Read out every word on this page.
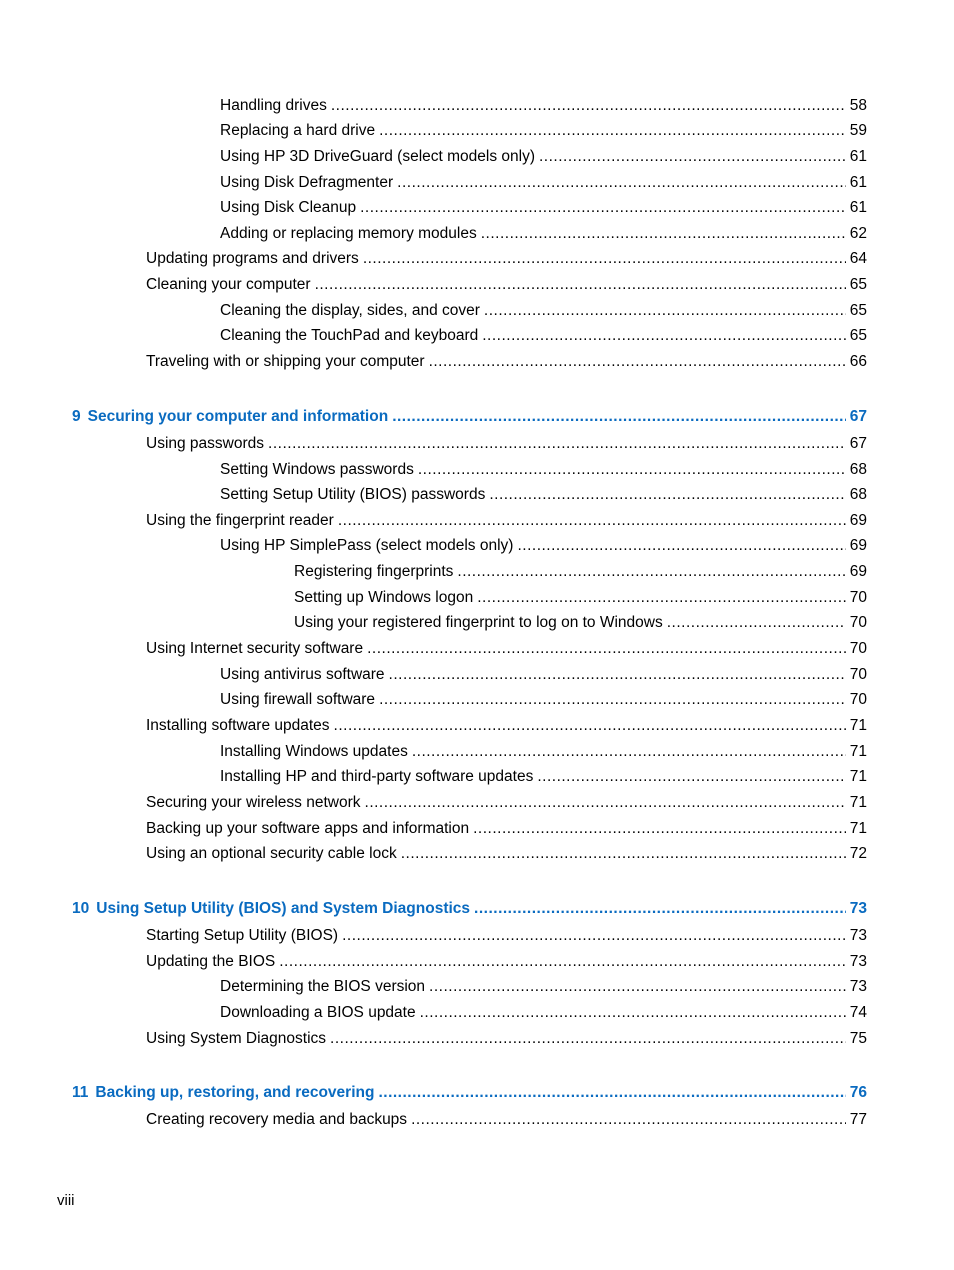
Handling drives .....	58
Replacing a hard drive .....	59
Using HP 3D DriveGuard (select models only) .....	61
Using Disk Defragmenter .....	61
Using Disk Cleanup .....	61
Adding or replacing memory modules .....	62
Updating programs and drivers .....	64
Cleaning your computer .....	65
Cleaning the display, sides, and cover .....	65
Cleaning the TouchPad and keyboard .....	65
Traveling with or shipping your computer .....	66
9 Securing your computer and information .....	67
Using passwords .....	67
Setting Windows passwords .....	68
Setting Setup Utility (BIOS) passwords .....	68
Using the fingerprint reader .....	69
Using HP SimplePass (select models only) .....	69
Registering fingerprints .....	69
Setting up Windows logon .....	70
Using your registered fingerprint to log on to Windows .....	70
Using Internet security software .....	70
Using antivirus software .....	70
Using firewall software .....	70
Installing software updates .....	71
Installing Windows updates .....	71
Installing HP and third-party software updates .....	71
Securing your wireless network .....	71
Backing up your software apps and information .....	71
Using an optional security cable lock .....	72
10 Using Setup Utility (BIOS) and System Diagnostics .....	73
Starting Setup Utility (BIOS) .....	73
Updating the BIOS .....	73
Determining the BIOS version .....	73
Downloading a BIOS update .....	74
Using System Diagnostics .....	75
11 Backing up, restoring, and recovering .....	76
Creating recovery media and backups .....	77
viii
